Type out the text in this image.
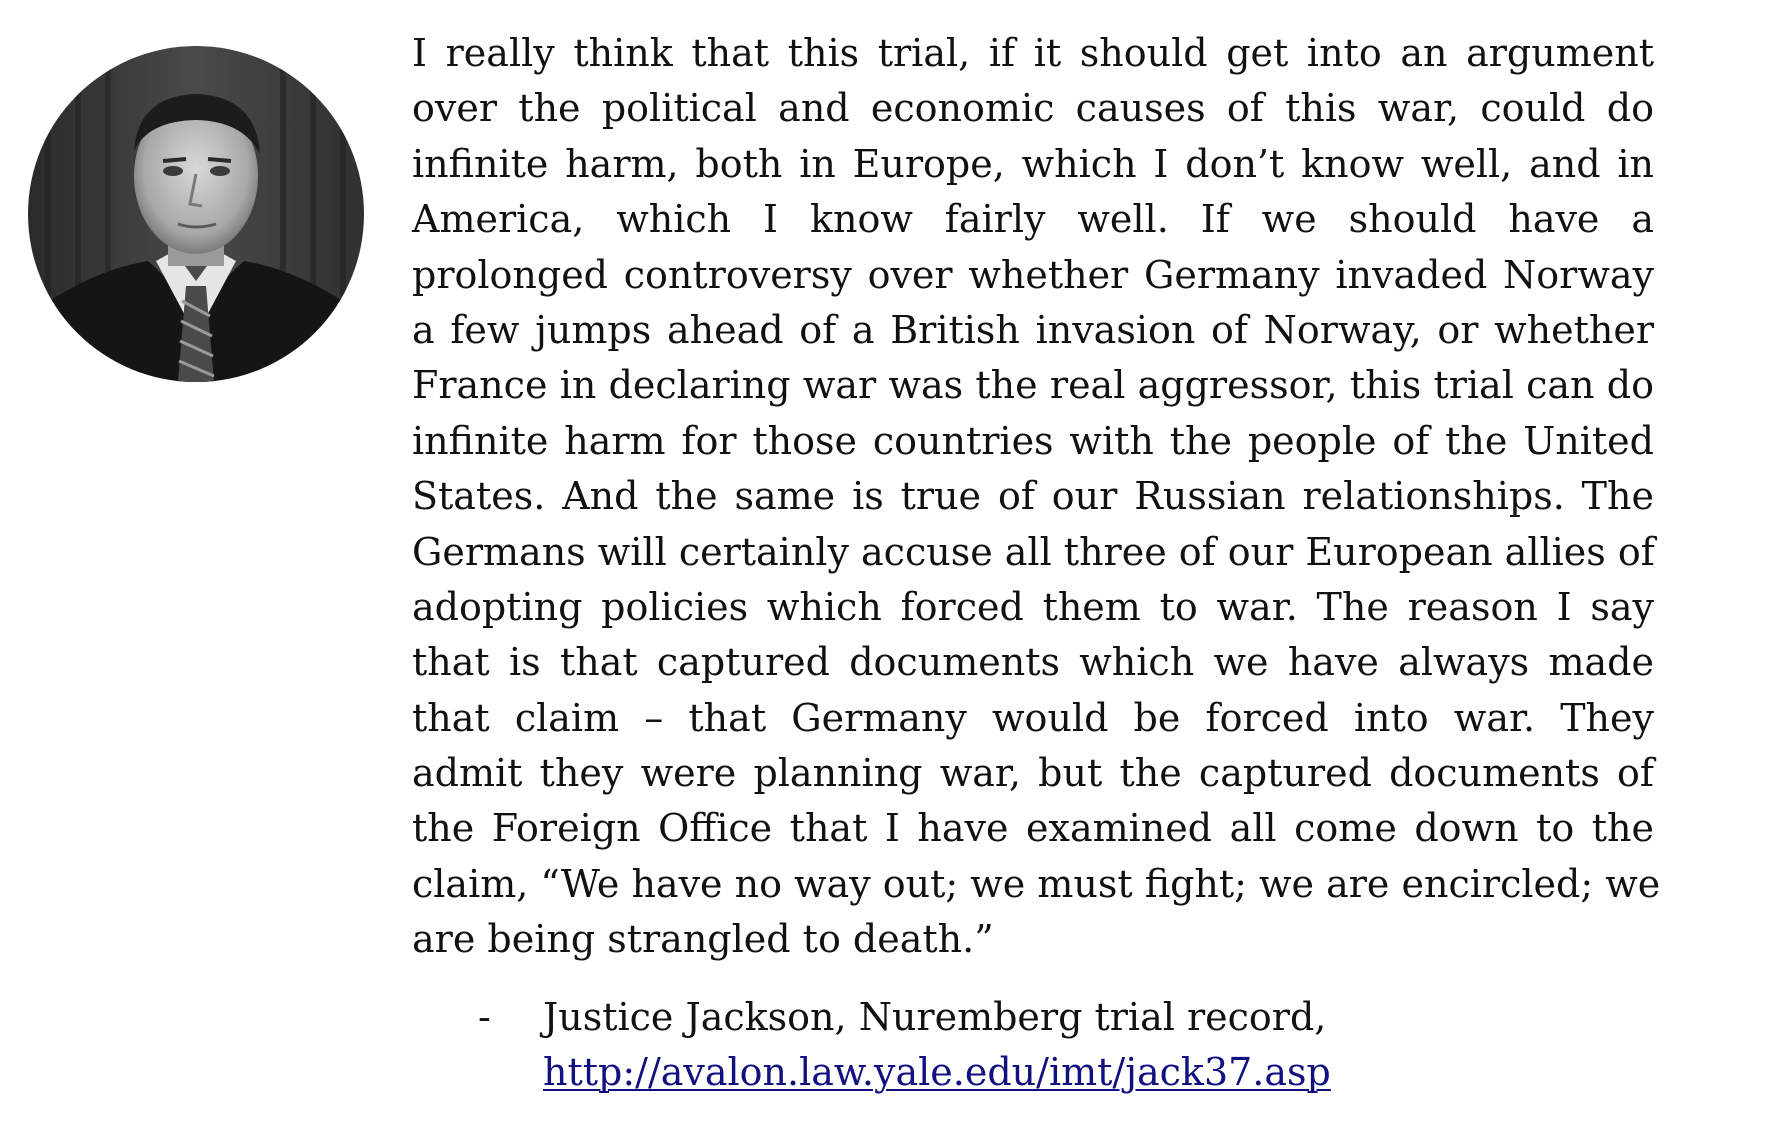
I really think that this trial, if it should get into an argument
over the political and economic causes of this war, could do
infinite harm, both in Europe, which I don’t know well, and in
America, which I know fairly well. If we should have a
prolonged controversy over whether Germany invaded Norway
a few jumps ahead of a British invasion of Norway, or whether
France in declaring war was the real aggressor, this trial can do
infinite harm for those countries with the people of the United
States. And the same is true of our Russian relationships. The
Germans will certainly accuse all three of our European allies of
adopting policies which forced them to war. The reason I say
that is that captured documents which we have always made
that claim – that Germany would be forced into war. They
admit they were planning war, but the captured documents of
the Foreign Office that I have examined all come down to the
claim, “We have no way out; we must fight; we are encircled; we
are being strangled to death.”
- Justice Jackson, Nuremberg trial record,
http://avalon.law.yale.edu/imt/jack37.asp
